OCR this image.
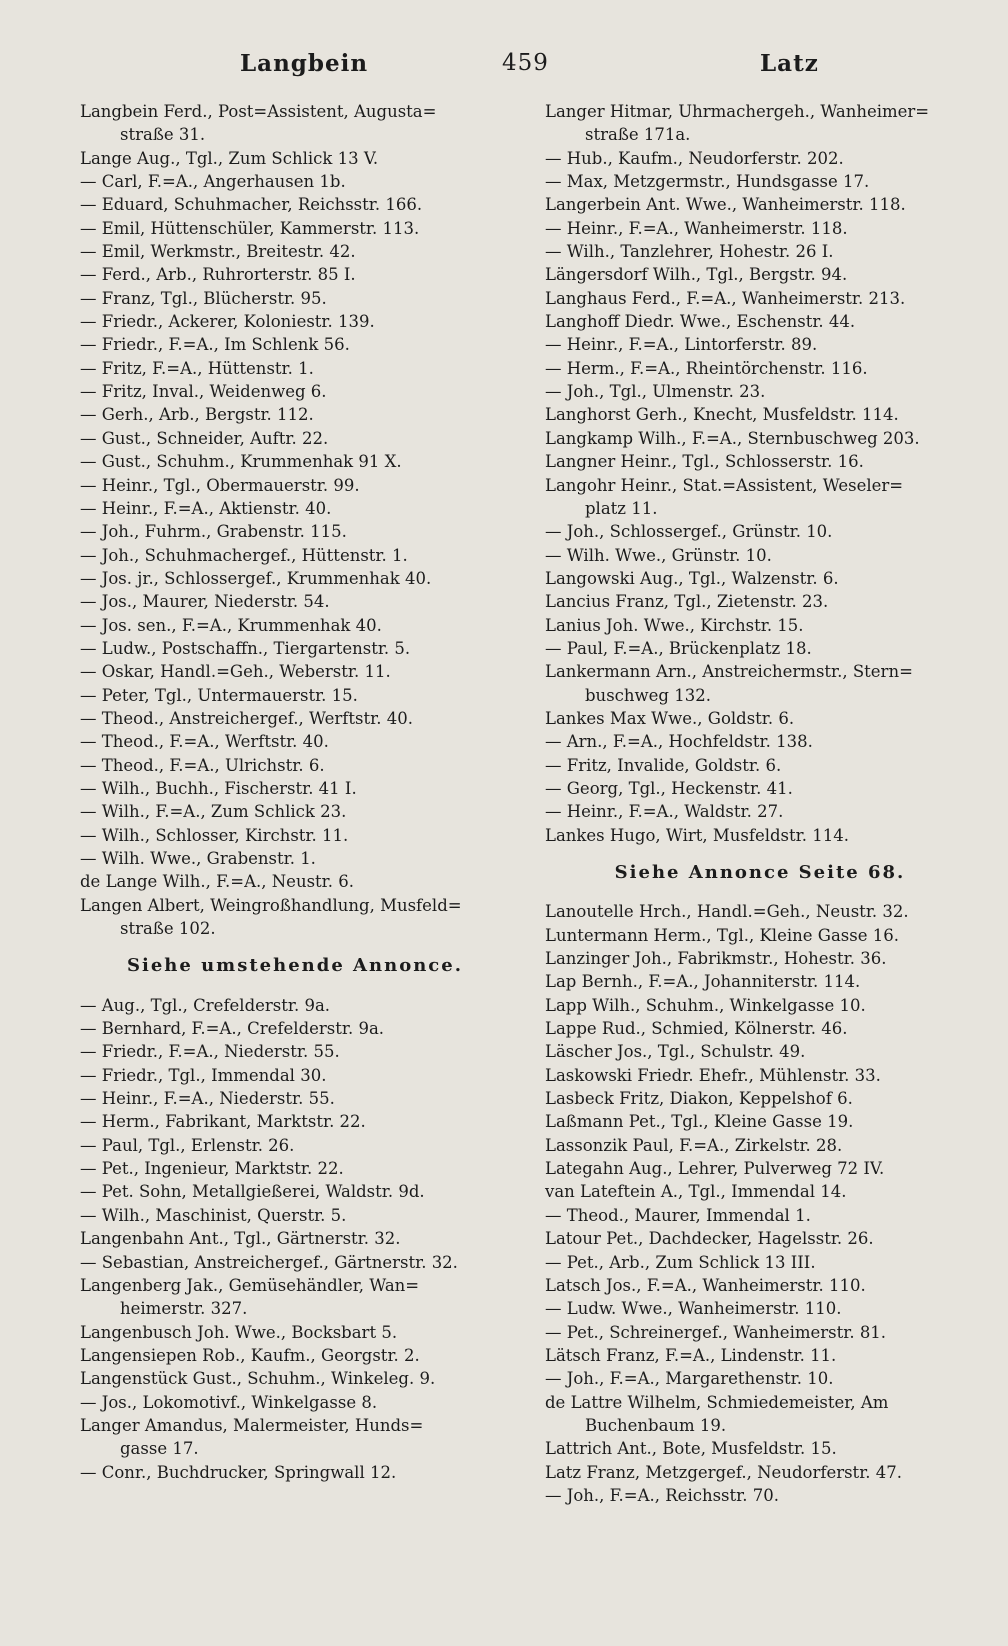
Langbein	459	Latz
Langbein Ferd., Post=Assistent, Augusta=
straße 31.
Lange Aug., Tgl., Zum Schlick 13 V.
— Carl, F.=A., Angerhausen 1b.
— Eduard, Schuhmacher, Reichsstr. 166.
— Emil, Hüttenschüler, Kammerstr. 113.
— Emil, Werkmstr., Breitestr. 42.
— Ferd., Arb., Ruhrorterstr. 85 I.
— Franz, Tgl., Blücherstr. 95.
— Friedr., Ackerer, Koloniestr. 139.
— Friedr., F.=A., Im Schlenk 56.
— Fritz, F.=A., Hüttenstr. 1.
— Fritz, Inval., Weidenweg 6.
— Gerh., Arb., Bergstr. 112.
— Gust., Schneider, Auftr. 22.
— Gust., Schuhm., Krummenhak 91 X.
— Heinr., Tgl., Obermauerstr. 99.
— Heinr., F.=A., Aktienstr. 40.
— Joh., Fuhrm., Grabenstr. 115.
— Joh., Schuhmachergef., Hüttenstr. 1.
— Jos. jr., Schlossergef., Krummenhak 40.
— Jos., Maurer, Niederstr. 54.
— Jos. sen., F.=A., Krummenhak 40.
— Ludw., Postschaffn., Tiergartenstr. 5.
— Oskar, Handl.=Geh., Weberstr. 11.
— Peter, Tgl., Untermauerstr. 15.
— Theod., Anstreichergef., Werftstr. 40.
— Theod., F.=A., Werftstr. 40.
— Theod., F.=A., Ulrichstr. 6.
— Wilh., Buchh., Fischerstr. 41 I.
— Wilh., F.=A., Zum Schlick 23.
— Wilh., Schlosser, Kirchstr. 11.
— Wilh. Wwe., Grabenstr. 1.
de Lange Wilh., F.=A., Neustr. 6.
Langen Albert, Weingroßhandlung, Musfeld=
straße 102.
Siehe umstehende Annonce.
— Aug., Tgl., Crefelderstr. 9a.
— Bernhard, F.=A., Crefelderstr. 9a.
— Friedr., F.=A., Niederstr. 55.
— Friedr., Tgl., Immendal 30.
— Heinr., F.=A., Niederstr. 55.
— Herm., Fabrikant, Marktstr. 22.
— Paul, Tgl., Erlenstr. 26.
— Pet., Ingenieur, Marktstr. 22.
— Pet. Sohn, Metallgießerei, Waldstr. 9d.
— Wilh., Maschinist, Querstr. 5.
Langenbahn Ant., Tgl., Gärtnerstr. 32.
— Sebastian, Anstreichergef., Gärtnerstr. 32.
Langenberg Jak., Gemüsehändler, Wan=
heimerstr. 327.
Langenbusch Joh. Wwe., Bocksbart 5.
Langensiepen Rob., Kaufm., Georgstr. 2.
Langenstück Gust., Schuhm., Winkeleg. 9.
— Jos., Lokomotivf., Winkelgasse 8.
Langer Amandus, Malermeister, Hunds=
gasse 17.
— Conr., Buchdrucker, Springwall 12.
Langer Hitmar, Uhrmachergeh., Wanheimer=
straße 171a.
— Hub., Kaufm., Neudorferstr. 202.
— Max, Metzgermstr., Hundsgasse 17.
Langerbein Ant. Wwe., Wanheimerstr. 118.
— Heinr., F.=A., Wanheimerstr. 118.
— Wilh., Tanzlehrer, Hohestr. 26 I.
Längersdorf Wilh., Tgl., Bergstr. 94.
Langhaus Ferd., F.=A., Wanheimerstr. 213.
Langhoff Diedr. Wwe., Eschenstr. 44.
— Heinr., F.=A., Lintorferstr. 89.
— Herm., F.=A., Rheintörchenstr. 116.
— Joh., Tgl., Ulmenstr. 23.
Langhorst Gerh., Knecht, Musfeldstr. 114.
Langkamp Wilh., F.=A., Sternbuschweg 203.
Langner Heinr., Tgl., Schlosserstr. 16.
Langohr Heinr., Stat.=Assistent, Weseler=
platz 11.
— Joh., Schlossergef., Grünstr. 10.
— Wilh. Wwe., Grünstr. 10.
Langowski Aug., Tgl., Walzenstr. 6.
Lancius Franz, Tgl., Zietenstr. 23.
Lanius Joh. Wwe., Kirchstr. 15.
— Paul, F.=A., Brückenplatz 18.
Lankermann Arn., Anstreichermstr., Stern=
buschweg 132.
Lankes Max Wwe., Goldstr. 6.
— Arn., F.=A., Hochfeldstr. 138.
— Fritz, Invalide, Goldstr. 6.
— Georg, Tgl., Heckenstr. 41.
— Heinr., F.=A., Waldstr. 27.
Lankes Hugo, Wirt, Musfeldstr. 114.
Siehe Annonce Seite 68.
Lanoutelle Hrch., Handl.=Geh., Neustr. 32.
Luntermann Herm., Tgl., Kleine Gasse 16.
Lanzinger Joh., Fabrikmstr., Hohestr. 36.
Lap Bernh., F.=A., Johanniterstr. 114.
Lapp Wilh., Schuhm., Winkelgasse 10.
Lappe Rud., Schmied, Kölnerstr. 46.
Läscher Jos., Tgl., Schulstr. 49.
Laskowski Friedr. Ehefr., Mühlenstr. 33.
Lasbeck Fritz, Diakon, Keppelshof 6.
Laßmann Pet., Tgl., Kleine Gasse 19.
Lassonzik Paul, F.=A., Zirkelstr. 28.
Lategahn Aug., Lehrer, Pulverweg 72 IV.
van Lateftein A., Tgl., Immendal 14.
— Theod., Maurer, Immendal 1.
Latour Pet., Dachdecker, Hagelsstr. 26.
— Pet., Arb., Zum Schlick 13 III.
Latsch Jos., F.=A., Wanheimerstr. 110.
— Ludw. Wwe., Wanheimerstr. 110.
— Pet., Schreinergef., Wanheimerstr. 81.
Lätsch Franz, F.=A., Lindenstr. 11.
— Joh., F.=A., Margarethenstr. 10.
de Lattre Wilhelm, Schmiedemeister, Am
Buchenbaum 19.
Lattrich Ant., Bote, Musfeldstr. 15.
Latz Franz, Metzgergef., Neudorferstr. 47.
— Joh., F.=A., Reichsstr. 70.
